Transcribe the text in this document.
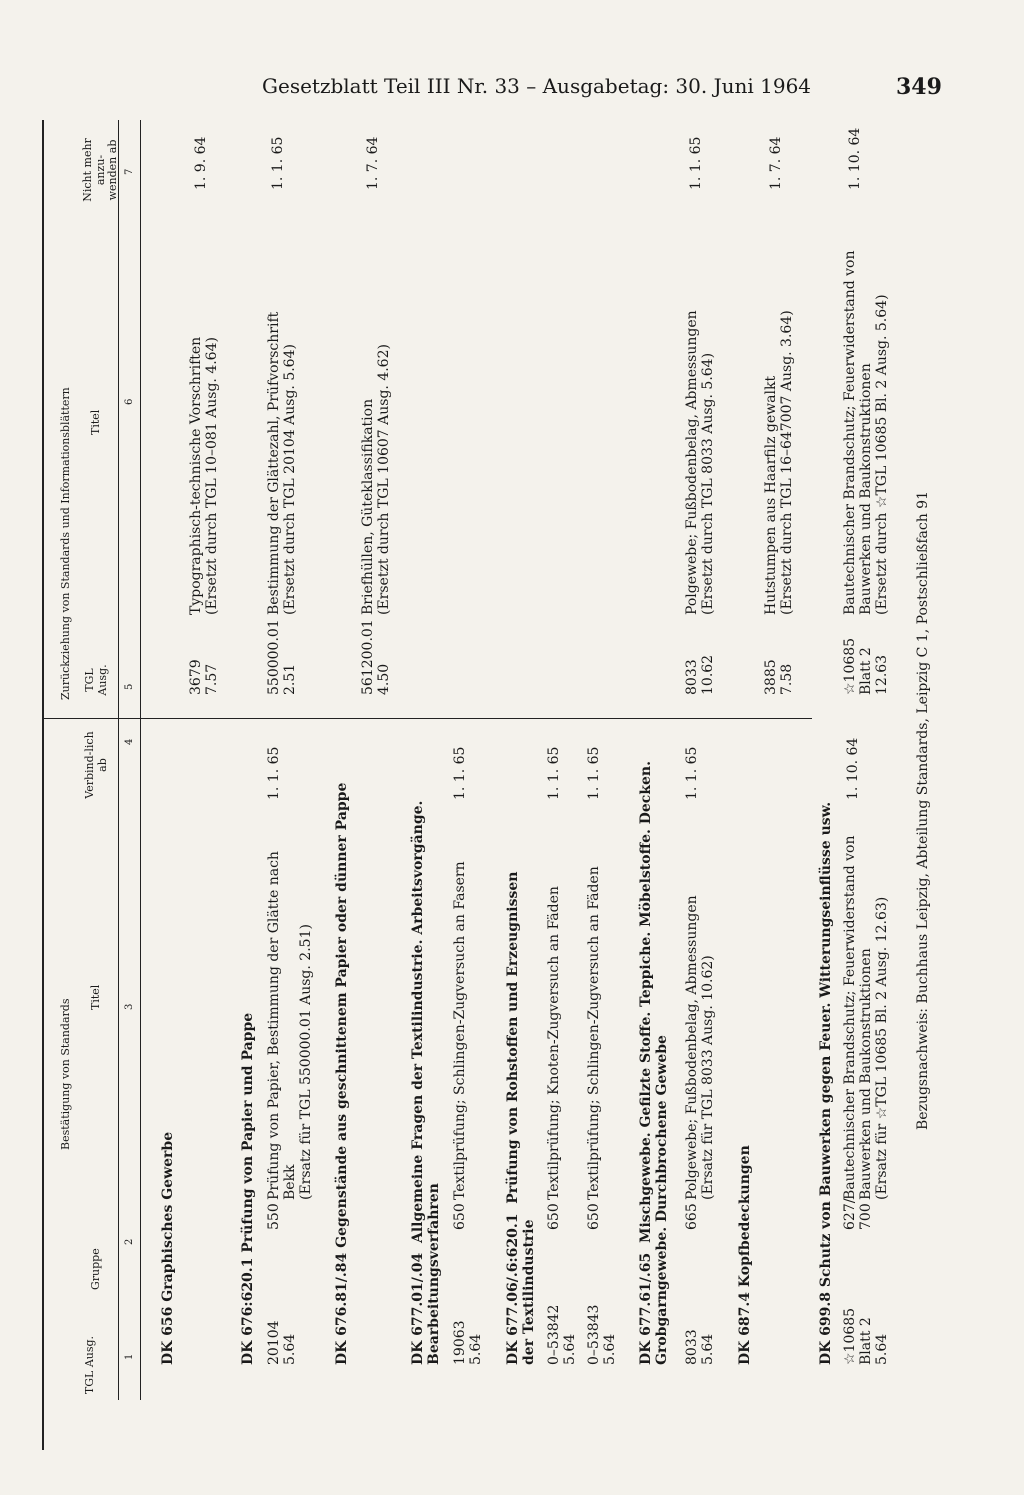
Gesetzblatt Teil III Nr. 33 – Ausgabetag: 30. Juni 1964	349
Bestätigung von Standards
Zurückziehung von Standards und Informationsblättern
TGL Ausg.
Gruppe
Titel
Verbind-lich ab
TGL Ausg.
Titel
Nicht mehr anzu-wenden ab
1
2
3
4
5
6
7
DK 656 Graphisches Gewerbe
3679
7.57
Typographisch-technische Vorschriften
(Ersetzt durch TGL 10–081 Ausg. 4.64)
1. 9. 64
DK 676:620.1 Prüfung von Papier und Pappe 20104
5.64
550
Prüfung von Papier, Bestimmung der Glätte nach
Bekk
(Ersatz für TGL 550000.01 Ausg. 2.51)
1. 1. 65
550000.01
2.51
Bestimmung der Glättezahl, Prüfvorschrift
(Ersetzt durch TGL 20104 Ausg. 5.64)
1. 1. 65
DK 676.81/.84 Gegenstände aus geschnittenem Papier oder dünner Pappe
561200.01
4.50
Briefhüllen, Güteklassifikation
(Ersetzt durch TGL 10607 Ausg. 4.62)
1. 7. 64
DK 677.01/.04  Allgemeine Fragen der Textilindustrie. Arbeitsvorgänge.
Bearbeitungsverfahren 19063
5.64
650
Textilprüfung; Schlingen-Zugversuch an Fasern
1. 1. 65
DK 677.06/.6:620.1  Prüfung von Rohstoffen und Erzeugnissen
der Textilindustrie
0–53842
5.64
650
Textilprüfung; Knoten-Zugversuch an Fäden
1. 1. 65
0–53843
5.64
650
Textilprüfung; Schlingen-Zugversuch an Fäden
1. 1. 65
DK 677.61/.65  Mischgewebe. Gefilzte Stoffe. Teppiche. Möbelstoffe. Decken.
Grobgarngewebe. Durchbrochene Gewebe
8033
5.64
665
Polgewebe; Fußbodenbelag, Abmessungen
(Ersatz für TGL 8033 Ausg. 10.62)
1. 1. 65
8033
10.62
Polgewebe; Fußbodenbelag, Abmessungen
(Ersetzt durch TGL 8033 Ausg. 5.64)
1. 1. 65
DK 687.4 Kopfbedeckungen
3885
7.58
Hutstumpen aus Haarfilz gewalkt
(Ersetzt durch TGL 16–647007 Ausg. 3.64)
1. 7. 64
DK 699.8 Schutz von Bauwerken gegen Feuer. Witterungseinflüsse usw. ☆10685
Blatt 2
5.64
627/
700
Bautechnischer Brandschutz; Feuerwiderstand von
Bauwerken und Baukonstruktionen
(Ersatz für ☆TGL 10685 Bl. 2 Ausg. 12.63)
1. 10. 64
☆10685
Blatt 2
12.63
Bautechnischer Brandschutz; Feuerwiderstand von
Bauwerken und Baukonstruktionen
(Ersetzt durch ☆TGL 10685 Bl. 2 Ausg. 5.64)
1. 10. 64
Bezugsnachweis: Buchhaus Leipzig, Abteilung Standards, Leipzig C 1, Postschließfach 91
